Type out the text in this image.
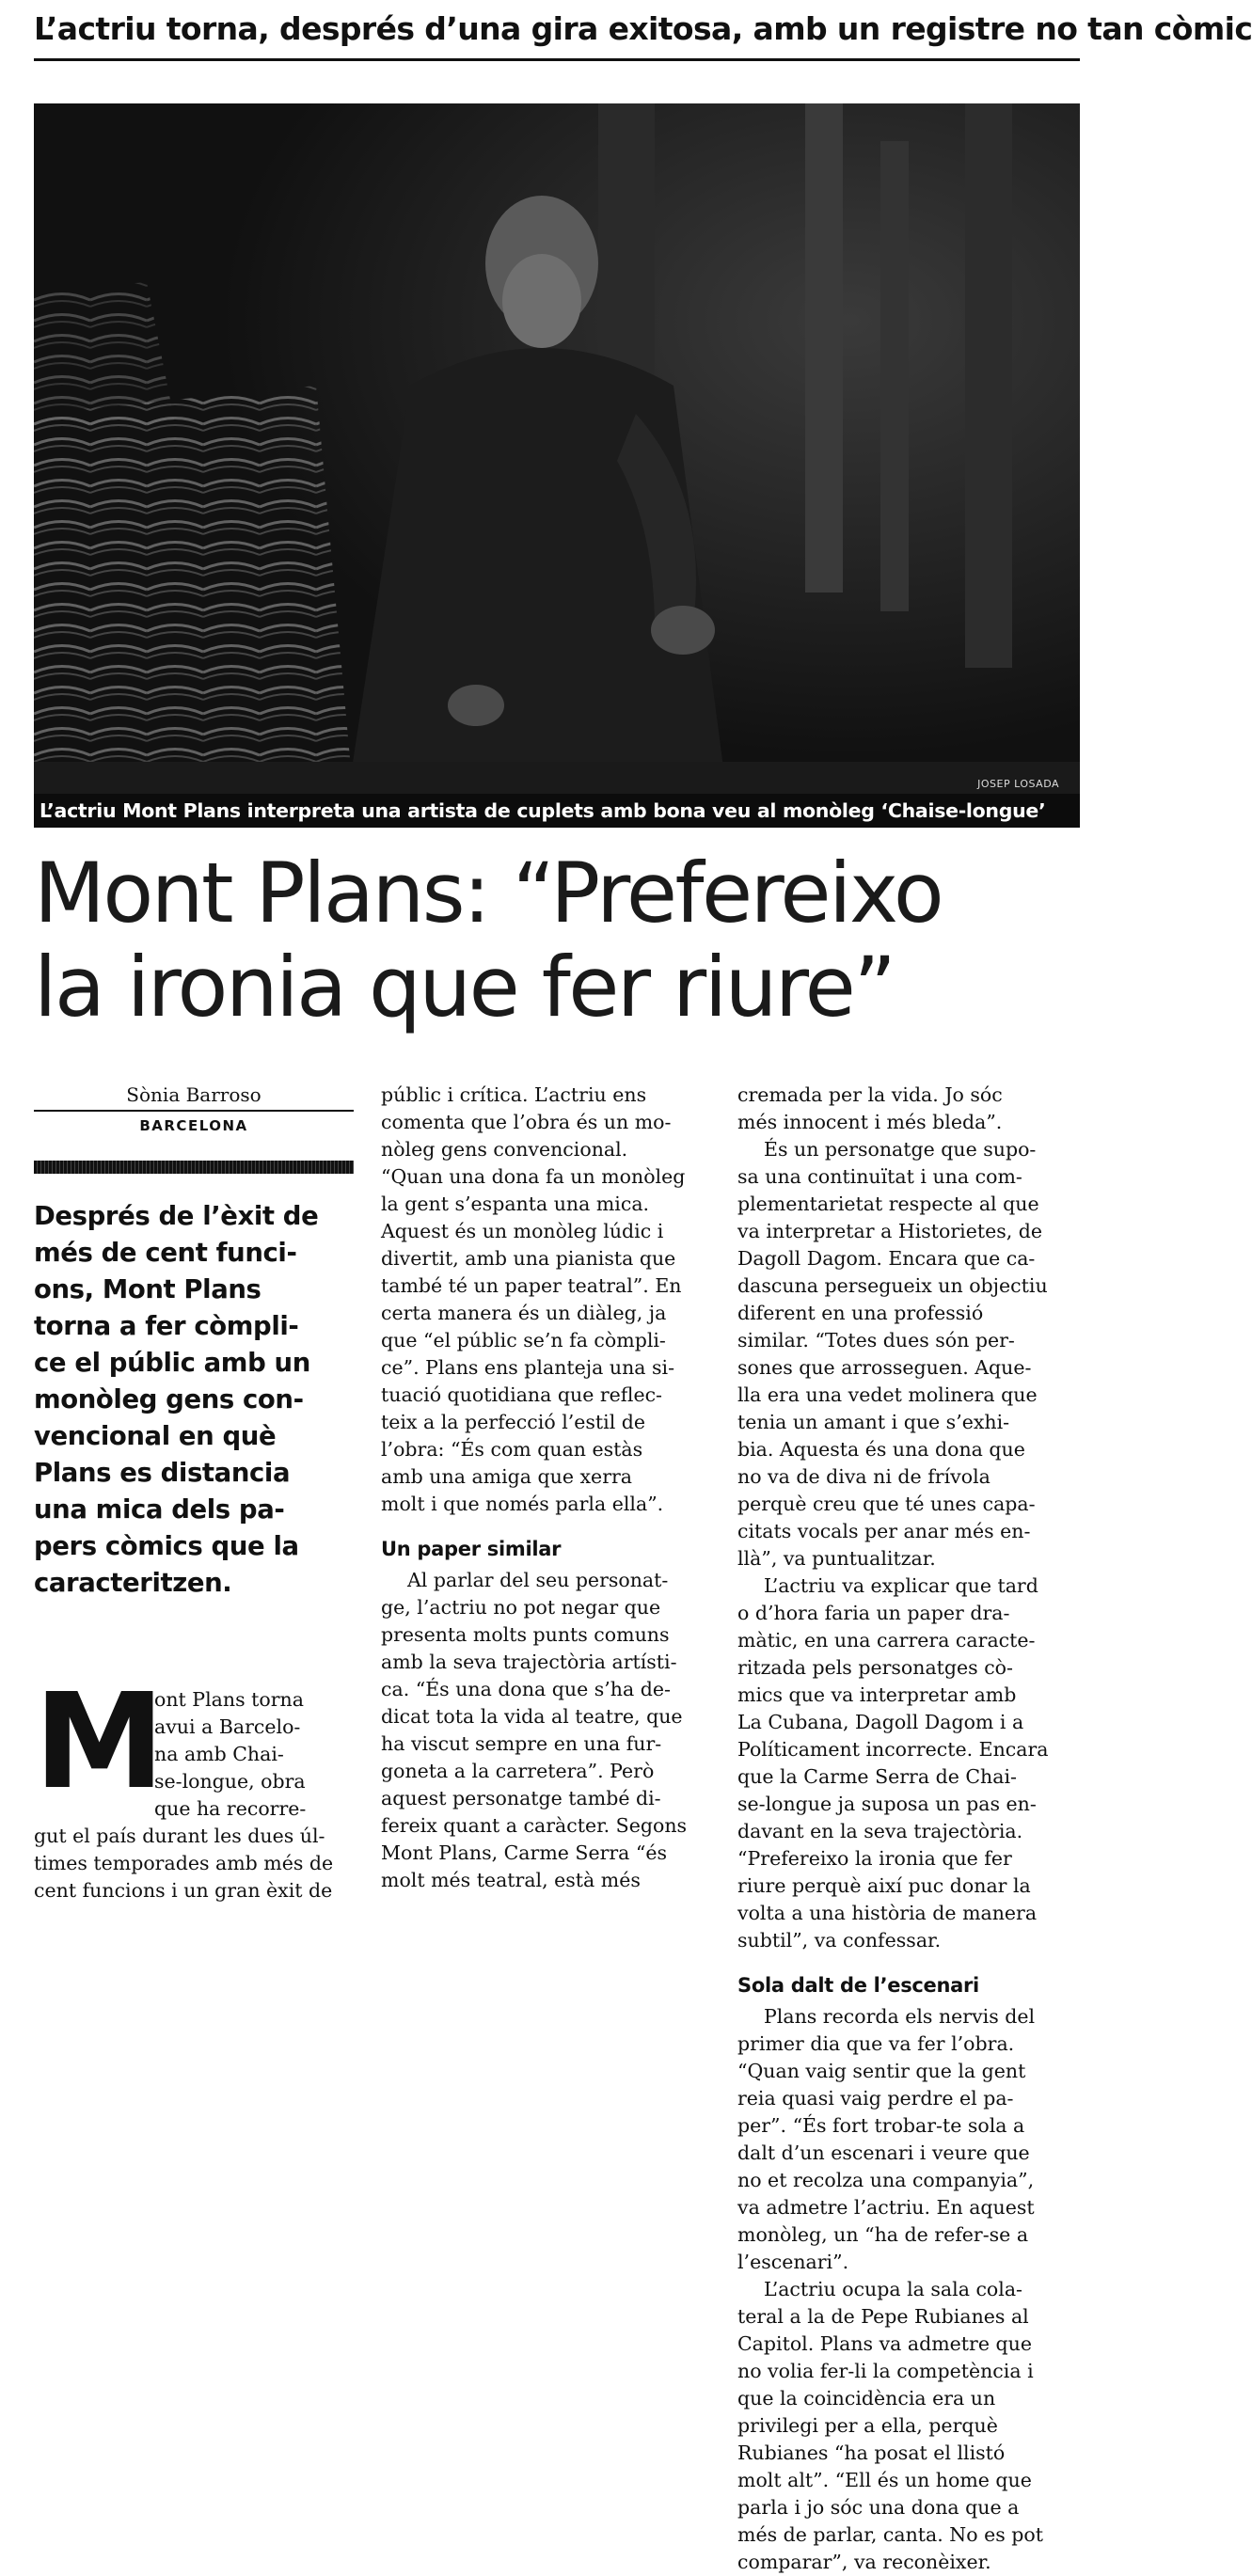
L’actriu torna, després d’una gira exitosa, amb un registre no tan còmic
JOSEP LOSADA
L’actriu Mont Plans interpreta una artista de cuplets amb bona veu al monòleg ‘Chaise-longue’
Mont Plans: “Prefereixo
la ironia que fer riure”
Sònia Barroso
BARCELONA
Després de l’èxit de
més de cent funci-
ons, Mont Plans
torna a fer còmpli-
ce el públic amb un
monòleg gens con-
vencional en què
Plans es distancia
una mica dels pa-
pers còmics que la
caracteritzen.
M
ont Plans torna
avui a Barcelo-
na amb Chai-
se-longue, obra
que ha recorre-
gut el país durant les dues úl-
times temporades amb més de
cent funcions i un gran èxit de
públic i crítica. L’actriu ens
comenta que l’obra és un mo-
nòleg gens convencional.
“Quan una dona fa un monòleg
la gent s’espanta una mica.
Aquest és un monòleg lúdic i
divertit, amb una pianista que
també té un paper teatral”. En
certa manera és un diàleg, ja
que “el públic se’n fa còmpli-
ce”. Plans ens planteja una si-
tuació quotidiana que reflec-
teix a la perfecció l’estil de
l’obra: “És com quan estàs
amb una amiga que xerra
molt i que només parla ella”.
Un paper similar
Al parlar del seu personat-
ge, l’actriu no pot negar que
presenta molts punts comuns
amb la seva trajectòria artísti-
ca. “És una dona que s’ha de-
dicat tota la vida al teatre, que
ha viscut sempre en una fur-
goneta a la carretera”. Però
aquest personatge també di-
fereix quant a caràcter. Segons
Mont Plans, Carme Serra “és
molt més teatral, està més
cremada per la vida. Jo sóc
més innocent i més bleda”.
És un personatge que supo-
sa una continuïtat i una com-
plementarietat respecte al que
va interpretar a Historietes, de
Dagoll Dagom. Encara que ca-
dascuna persegueix un objectiu
diferent en una professió
similar. “Totes dues són per-
sones que arrosseguen. Aque-
lla era una vedet molinera que
tenia un amant i que s’exhi-
bia. Aquesta és una dona que
no va de diva ni de frívola
perquè creu que té unes capa-
citats vocals per anar més en-
llà”, va puntualitzar.
L’actriu va explicar que tard
o d’hora faria un paper dra-
màtic, en una carrera caracte-
ritzada pels personatges cò-
mics que va interpretar amb
La Cubana, Dagoll Dagom i a
Políticament incorrecte. Encara
que la Carme Serra de Chai-
se-longue ja suposa un pas en-
davant en la seva trajectòria.
“Prefereixo la ironia que fer
riure perquè així puc donar la
volta a una història de manera
subtil”, va confessar.
Sola dalt de l’escenari
Plans recorda els nervis del
primer dia que va fer l’obra.
“Quan vaig sentir que la gent
reia quasi vaig perdre el pa-
per”. “És fort trobar-te sola a
dalt d’un escenari i veure que
no et recolza una companyia”,
va admetre l’actriu. En aquest
monòleg, un “ha de refer-se a
l’escenari”.
L’actriu ocupa la sala cola-
teral a la de Pepe Rubianes al
Capitol. Plans va admetre que
no volia fer-li la competència i
que la coincidència era un
privilegi per a ella, perquè
Rubianes “ha posat el llistó
molt alt”. “Ell és un home que
parla i jo sóc una dona que a
més de parlar, canta. No es pot
comparar”, va reconèixer.
